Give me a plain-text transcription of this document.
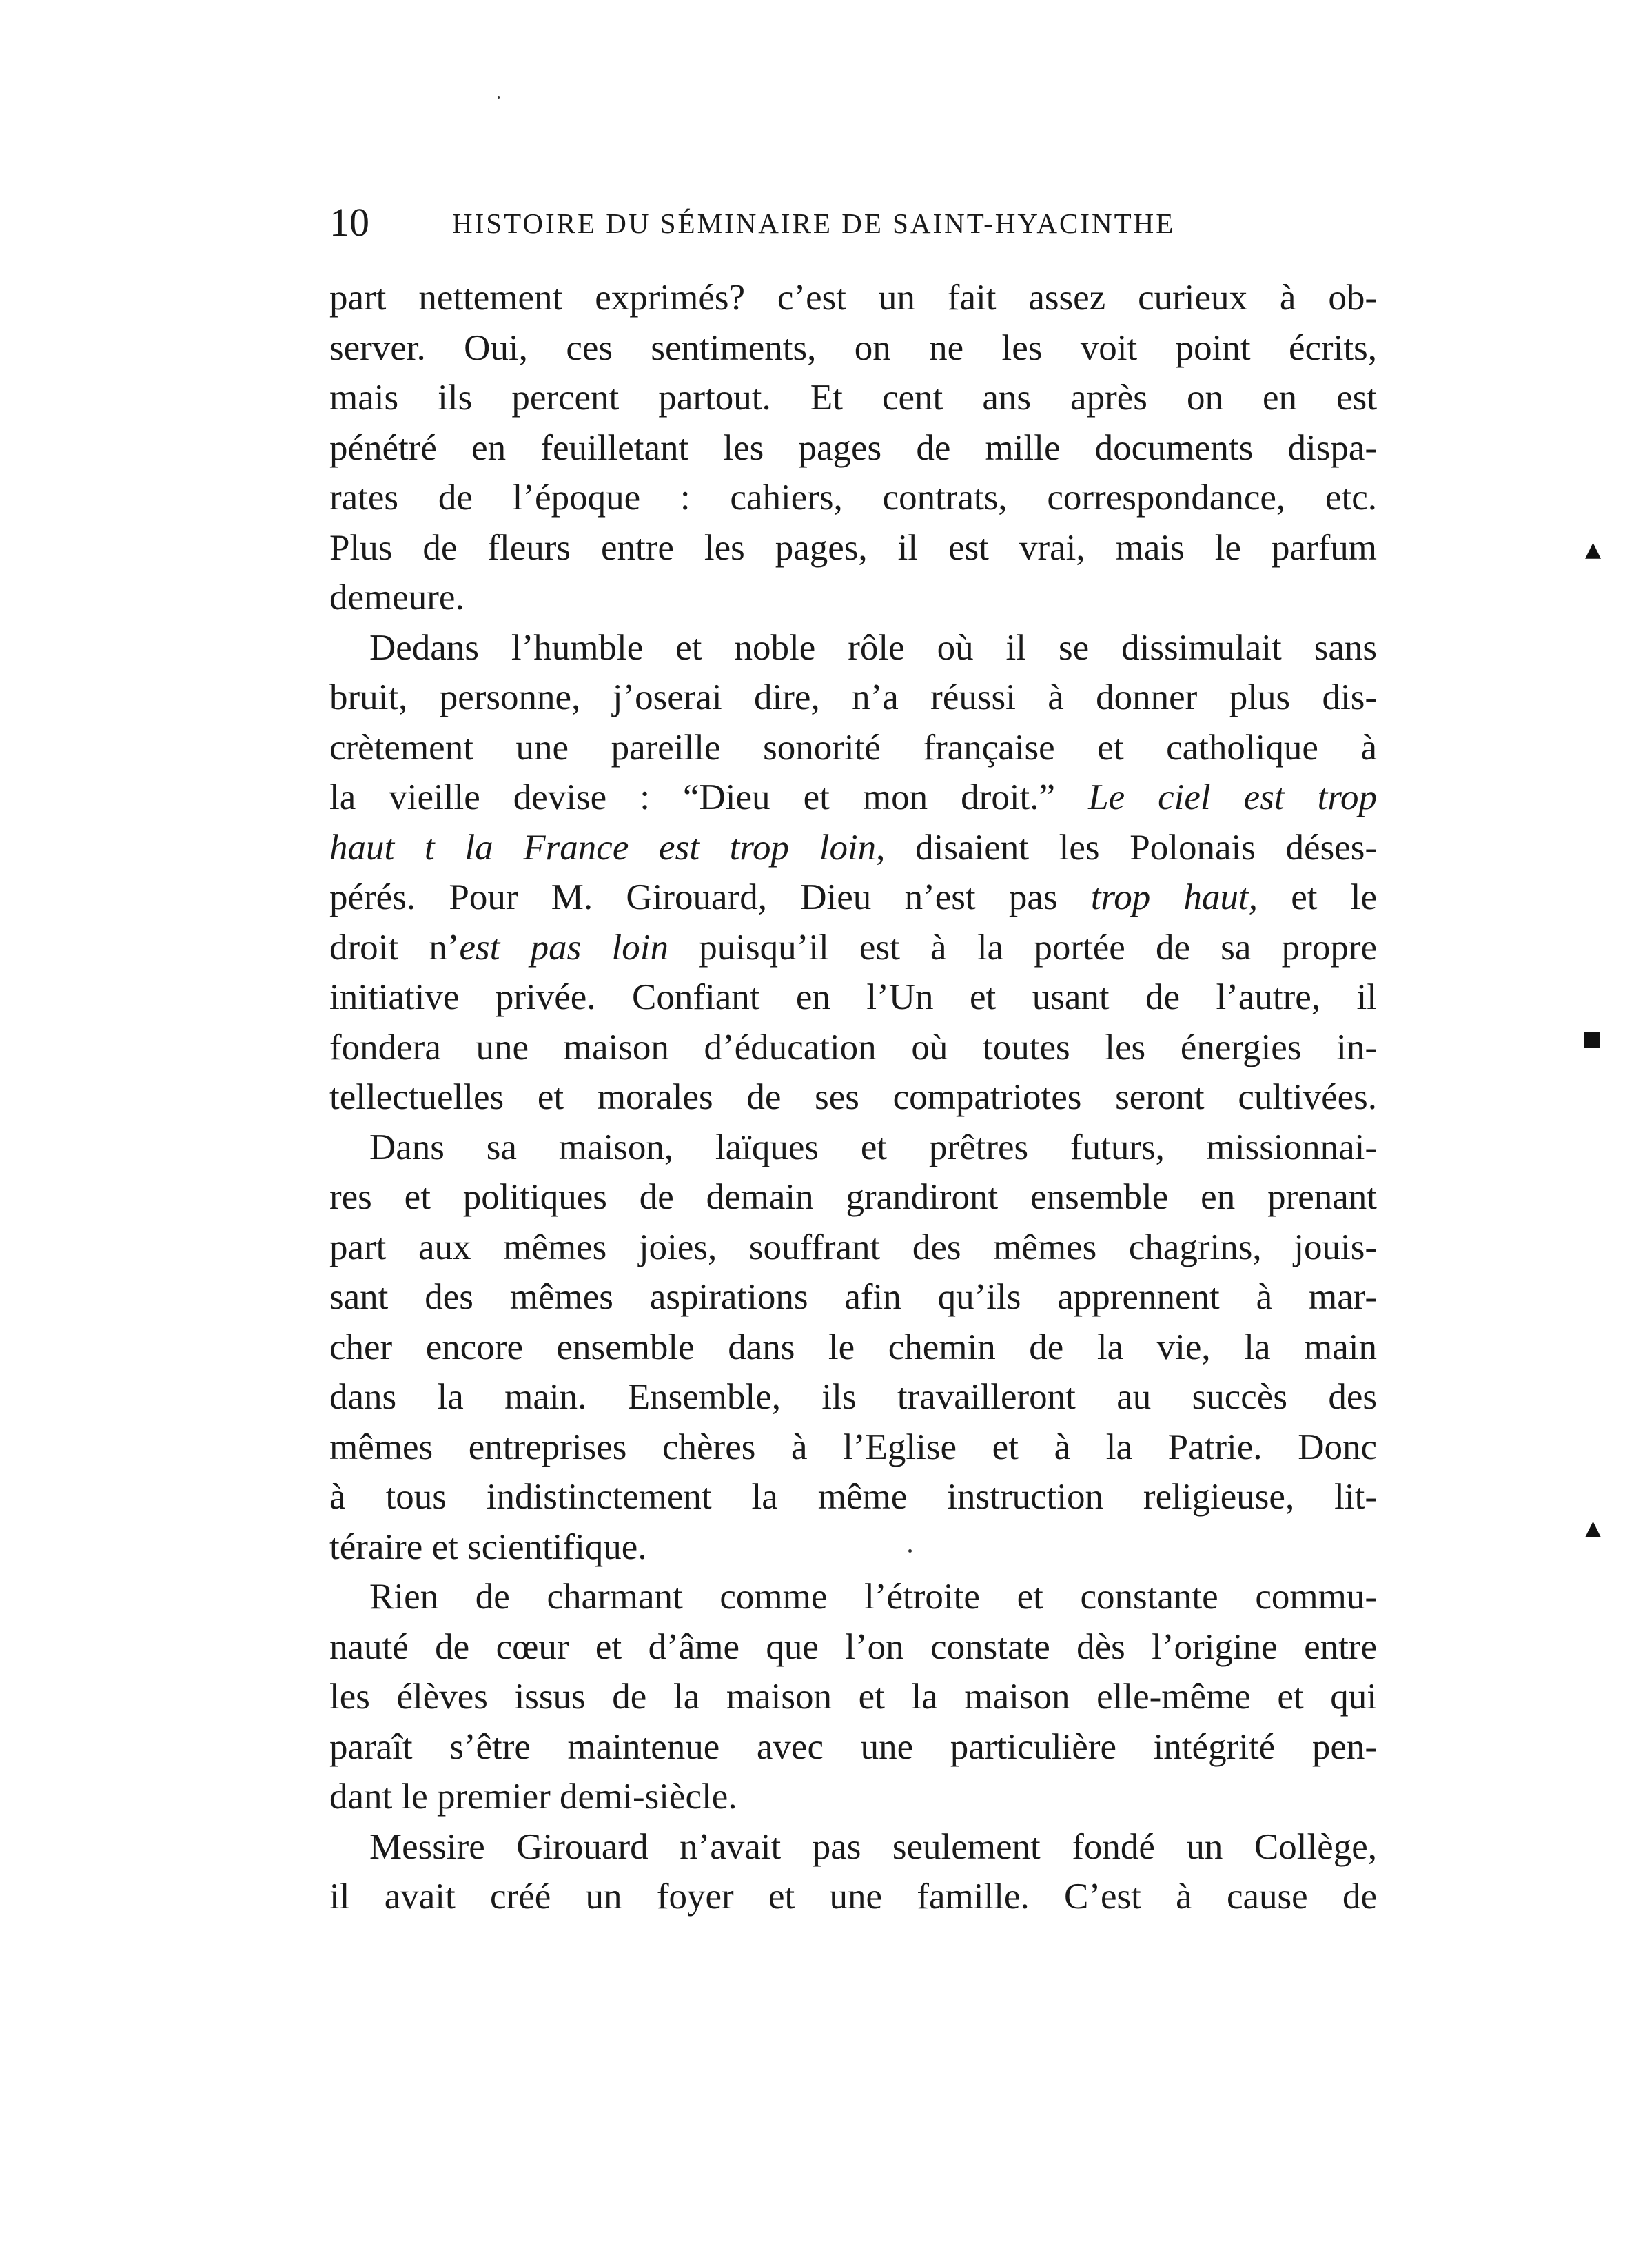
10	HISTOIRE DU SÉMINAIRE DE SAINT-HYACINTHE
part nettement exprimés? c’est un fait assez curieux à ob-
server. Oui, ces sentiments, on ne les voit point écrits,
mais ils percent partout. Et cent ans après on en est
pénétré en feuilletant les pages de mille documents dispa-
rates de l’époque : cahiers, contrats, correspondance, etc.
Plus de fleurs entre les pages, il est vrai, mais le parfum
demeure.
Dedans l’humble et noble rôle où il se dissimulait sans
bruit, personne, j’oserai dire, n’a réussi à donner plus dis-
crètement une pareille sonorité française et catholique à
la vieille devise : “Dieu et mon droit.” Le ciel est trop
haut t la France est trop loin, disaient les Polonais déses-
pérés. Pour M. Girouard, Dieu n’est pas trop haut, et le
droit n’est pas loin puisqu’il est à la portée de sa propre
initiative privée. Confiant en l’Un et usant de l’autre, il
fondera une maison d’éducation où toutes les énergies in-
tellectuelles et morales de ses compatriotes seront cultivées.
Dans sa maison, laïques et prêtres futurs, missionnai-
res et politiques de demain grandiront ensemble en prenant
part aux mêmes joies, souffrant des mêmes chagrins, jouis-
sant des mêmes aspirations afin qu’ils apprennent à mar-
cher encore ensemble dans le chemin de la vie, la main
dans la main. Ensemble, ils travailleront au succès des
mêmes entreprises chères à l’Eglise et à la Patrie. Donc
à tous indistinctement la même instruction religieuse, lit-
téraire et scientifique.
Rien de charmant comme l’étroite et constante commu-
nauté de cœur et d’âme que l’on constate dès l’origine entre
les élèves issus de la maison et la maison elle-même et qui
paraît s’être maintenue avec une particulière intégrité pen-
dant le premier demi-siècle.
Messire Girouard n’avait pas seulement fondé un Collège,
il avait créé un foyer et une famille. C’est à cause de
▲
■
▲
